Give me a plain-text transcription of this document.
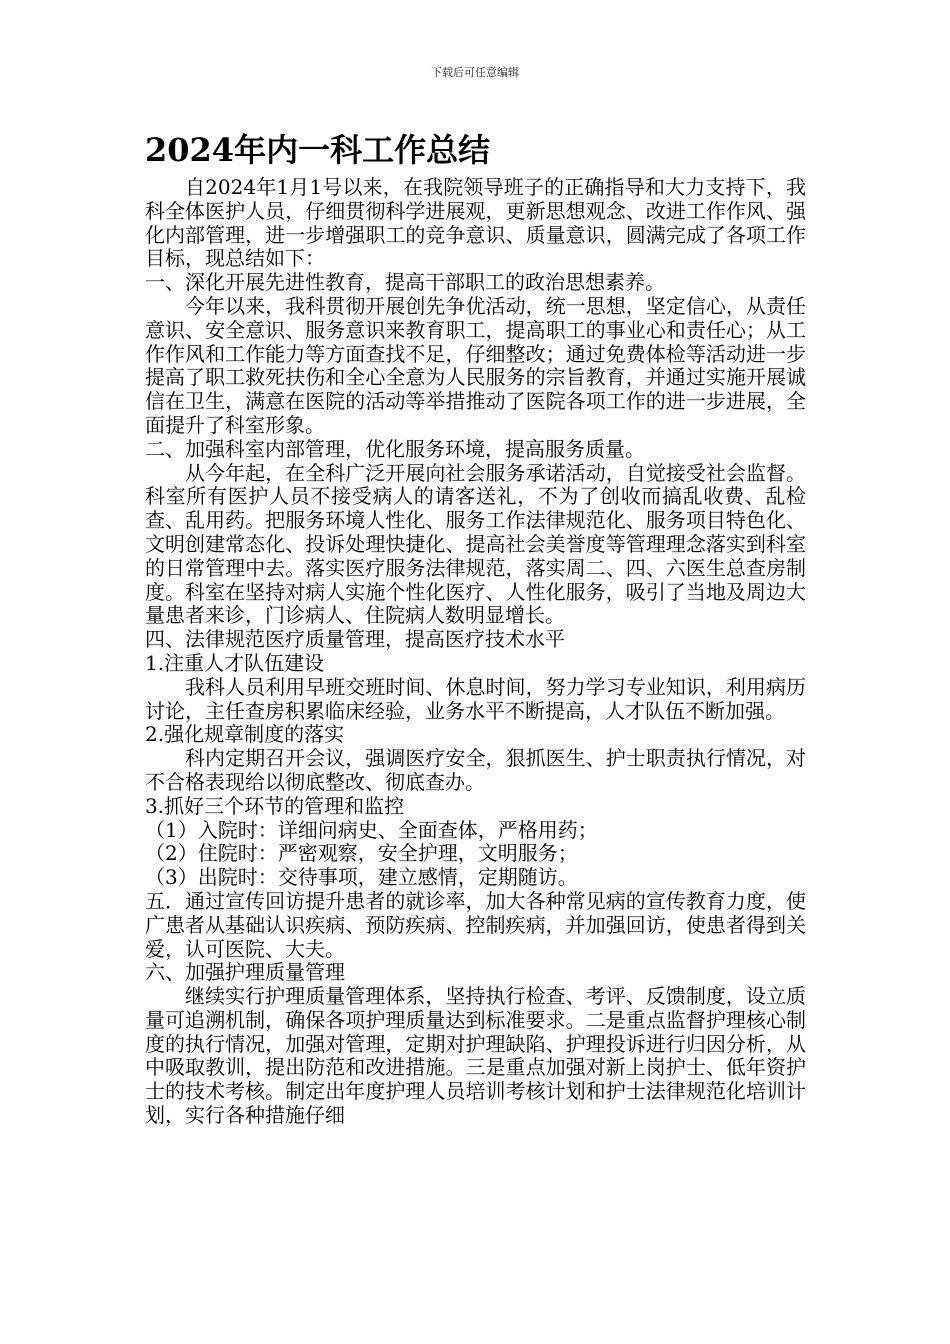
下载后可任意编辑
2024年内一科工作总结

自2024年1月1号以来，在我院领导班子的正确指导和大力支持下，我科全体医护人员，仔细贯彻科学进展观，更新思想观念、改进工作作风、强化内部管理，进一步增强职工的竞争意识、质量意识，圆满完成了各项工作目标，现总结如下：

一、深化开展先进性教育，提高干部职工的政治思想素养。

今年以来，我科贯彻开展创先争优活动，统一思想，坚定信心，从责任意识、安全意识、服务意识来教育职工，提高职工的事业心和责任心；从工作作风和工作能力等方面查找不足，仔细整改；通过免费体检等活动进一步提高了职工救死扶伤和全心全意为人民服务的宗旨教育，并通过实施开展诚信在卫生，满意在医院的活动等举措推动了医院各项工作的进一步进展，全面提升了科室形象。

二、加强科室内部管理，优化服务环境，提高服务质量。

从今年起，在全科广泛开展向社会服务承诺活动，自觉接受社会监督。科室所有医护人员不接受病人的请客送礼，不为了创收而搞乱收费、乱检查、乱用药。把服务环境人性化、服务工作法律规范化、服务项目特色化、文明创建常态化、投诉处理快捷化、提高社会美誉度等管理理念落实到科室的日常管理中去。落实医疗服务法律规范，落实周二、四、六医生总查房制度。科室在坚持对病人实施个性化医疗、人性化服务，吸引了当地及周边大量患者来诊，门诊病人、住院病人数明显增长。

四、法律规范医疗质量管理，提高医疗技术水平

1.注重人才队伍建设

我科人员利用早班交班时间、休息时间，努力学习专业知识，利用病历讨论，主任查房积累临床经验，业务水平不断提高，人才队伍不断加强。

2.强化规章制度的落实

科内定期召开会议，强调医疗安全，狠抓医生、护士职责执行情况，对不合格表现给以彻底整改、彻底查办。

3.抓好三个环节的管理和监控

（1）入院时：详细问病史、全面查体，严格用药；

（2）住院时：严密观察，安全护理，文明服务；

（3）出院时：交待事项，建立感情，定期随访。

五．通过宣传回访提升患者的就诊率，加大各种常见病的宣传教育力度，使广患者从基础认识疾病、预防疾病、控制疾病，并加强回访，使患者得到关爱，认可医院、大夫。

六、加强护理质量管理

继续实行护理质量管理体系，坚持执行检查、考评、反馈制度，设立质量可追溯机制，确保各项护理质量达到标准要求。二是重点监督护理核心制度的执行情况，加强对管理，定期对护理缺陷、护理投诉进行归因分析，从中吸取教训，提出防范和改进措施。三是重点加强对新上岗护士、低年资护士的技术考核。制定出年度护理人员培训考核计划和护士法律规范化培训计划，实行各种措施仔细
